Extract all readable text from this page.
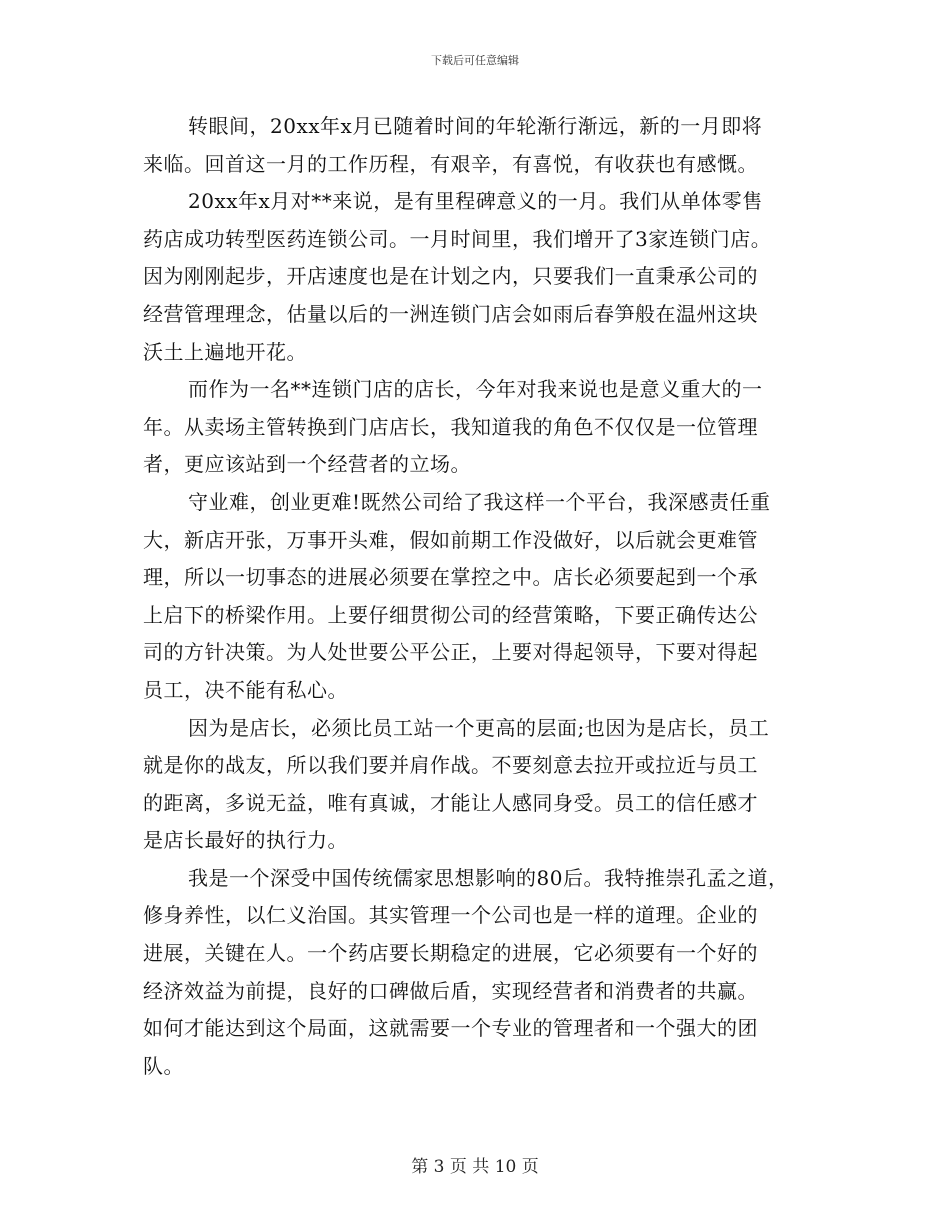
下载后可任意编辑
转眼间，20xx年x月已随着时间的年轮渐行渐远，新的一月即将
来临。回首这一月的工作历程，有艰辛，有喜悦，有收获也有感慨。
20xx年x月对**来说，是有里程碑意义的一月。我们从单体零售
药店成功转型医药连锁公司。一月时间里，我们增开了3家连锁门店。
因为刚刚起步，开店速度也是在计划之内，只要我们一直秉承公司的
经营管理理念，估量以后的一洲连锁门店会如雨后春笋般在温州这块
沃土上遍地开花。
而作为一名**连锁门店的店长，今年对我来说也是意义重大的一
年。从卖场主管转换到门店店长，我知道我的角色不仅仅是一位管理
者，更应该站到一个经营者的立场。
守业难，创业更难!既然公司给了我这样一个平台，我深感责任重
大，新店开张，万事开头难，假如前期工作没做好，以后就会更难管
理，所以一切事态的进展必须要在掌控之中。店长必须要起到一个承
上启下的桥梁作用。上要仔细贯彻公司的经营策略，下要正确传达公
司的方针决策。为人处世要公平公正，上要对得起领导，下要对得起
员工，决不能有私心。
因为是店长，必须比员工站一个更高的层面;也因为是店长，员工
就是你的战友，所以我们要并肩作战。不要刻意去拉开或拉近与员工
的距离，多说无益，唯有真诚，才能让人感同身受。员工的信任感才
是店长最好的执行力。
我是一个深受中国传统儒家思想影响的80后。我特推崇孔孟之道，
修身养性，以仁义治国。其实管理一个公司也是一样的道理。企业的
进展，关键在人。一个药店要长期稳定的进展，它必须要有一个好的
经济效益为前提，良好的口碑做后盾，实现经营者和消费者的共赢。
如何才能达到这个局面，这就需要一个专业的管理者和一个强大的团
队。
第 3 页 共 10 页
